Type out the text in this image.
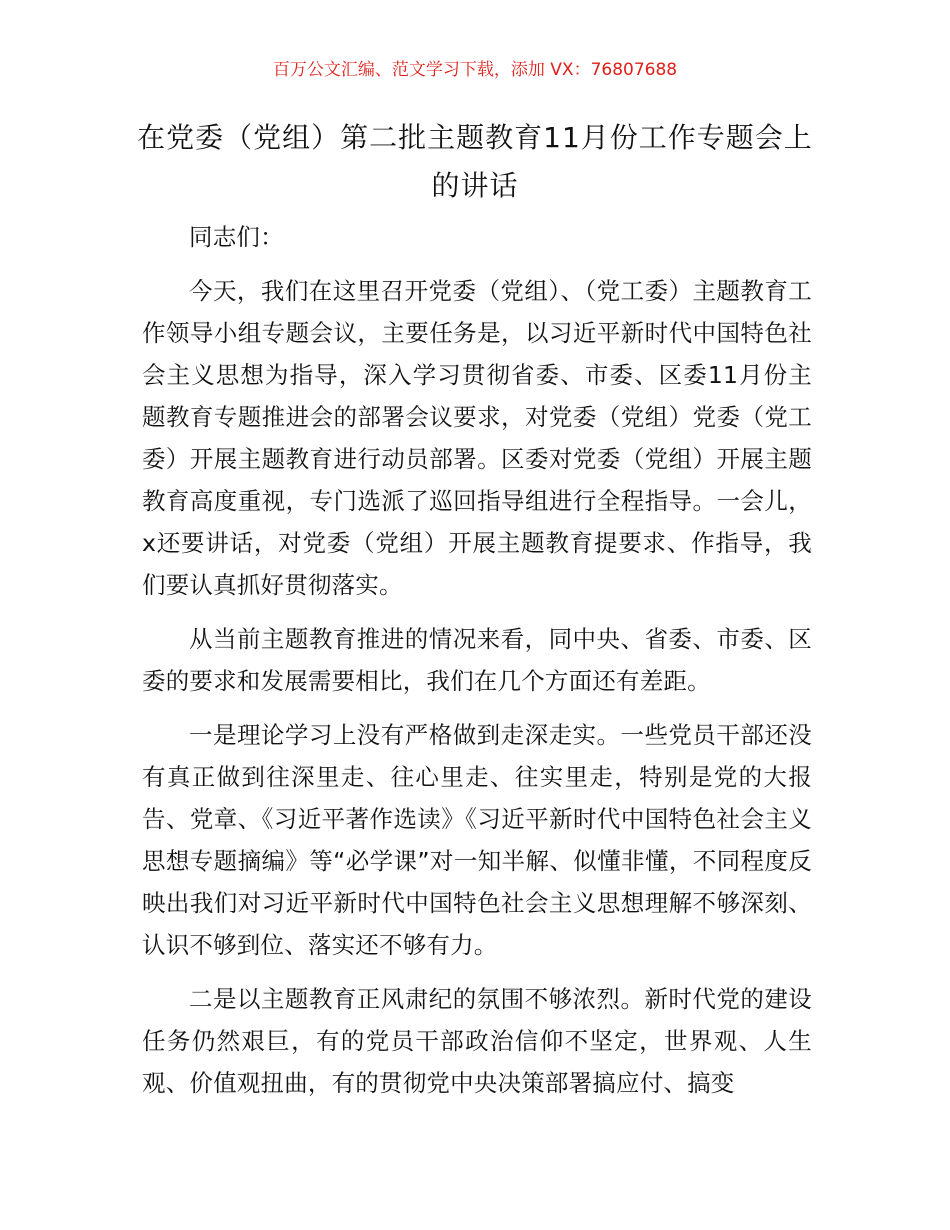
百万公文汇编、范文学习下载，添加 VX：76807688
在党委（党组）第二批主题教育11月份工作专题会上的讲话

同志们：

今天，我们在这里召开党委（党组）、（党工委）主题教育工作领导小组专题会议，主要任务是，以习近平新时代中国特色社会主义思想为指导，深入学习贯彻省委、市委、区委11月份主题教育专题推进会的部署会议要求，对党委（党组）党委（党工委）开展主题教育进行动员部署。区委对党委（党组）开展主题教育高度重视，专门选派了巡回指导组进行全程指导。一会儿，x还要讲话，对党委（党组）开展主题教育提要求、作指导，我们要认真抓好贯彻落实。

从当前主题教育推进的情况来看，同中央、省委、市委、区委的要求和发展需要相比，我们在几个方面还有差距。

一是理论学习上没有严格做到走深走实。一些党员干部还没有真正做到往深里走、往心里走、往实里走，特别是党的大报告、党章、《习近平著作选读》《习近平新时代中国特色社会主义思想专题摘编》等“必学课”对一知半解、似懂非懂，不同程度反映出我们对习近平新时代中国特色社会主义思想理解不够深刻、认识不够到位、落实还不够有力。

二是以主题教育正风肃纪的氛围不够浓烈。新时代党的建设任务仍然艰巨，有的党员干部政治信仰不坚定，世界观、人生观、价值观扭曲，有的贯彻党中央决策部署搞应付、搞变
